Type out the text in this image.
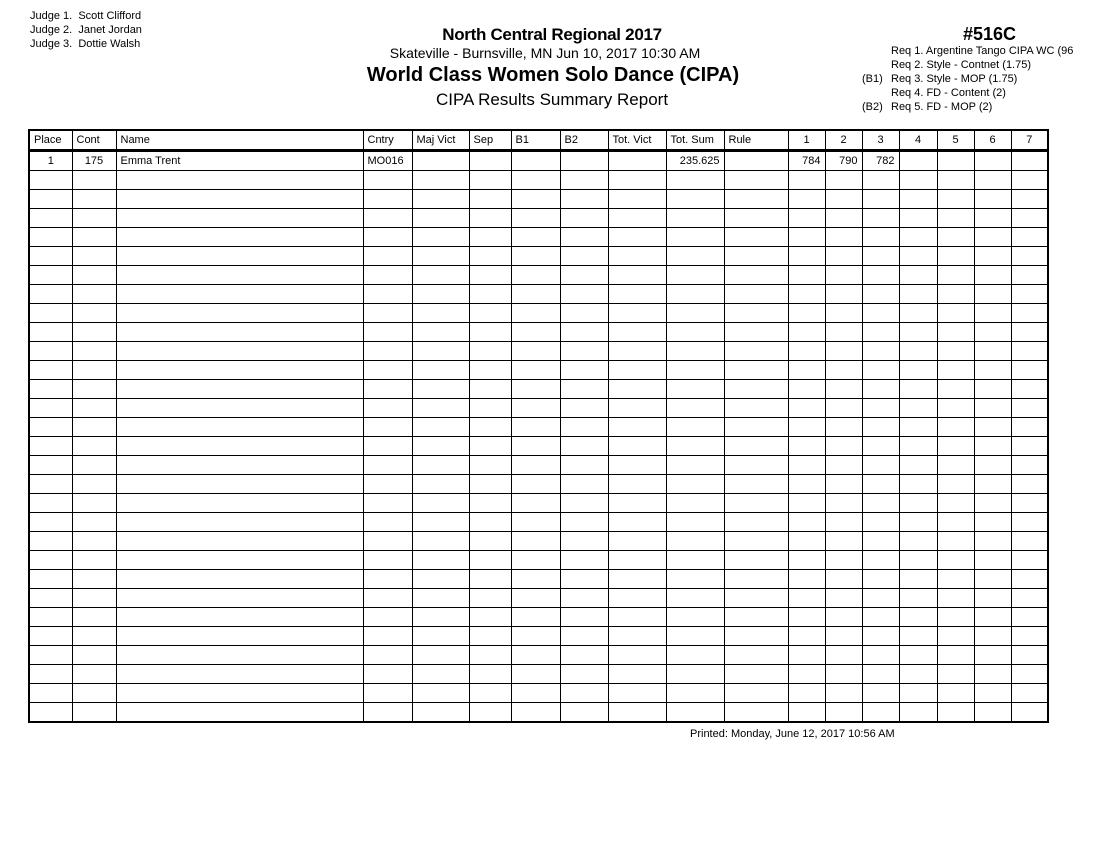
Judge 1. Scott Clifford
Judge 2. Janet Jordan
Judge 3. Dottie Walsh	North Central Regional 2017
Skateville - Burnsville, MN Jun 10, 2017 10:30 AM
World Class Women Solo Dance (CIPA)
CIPA Results Summary Report
#516C
Req 1. Argentine Tango CIPA WC (96
Req 2. Style - Contnet (1.75)
(B1) Req 3. Style - MOP (1.75)
Req 4. FD - Content (2)
(B2) Req 5. FD - MOP (2)
Place	Cont	Name	Cntry	Maj Vict	Sep	B1	B2	Tot. Vict	Tot. Sum	Rule	1	2	3	4	5	6	7
1	175	Emma Trent	MO016						235.625		784	790	782				

Printed: Monday, June 12, 2017 10:56 AM
